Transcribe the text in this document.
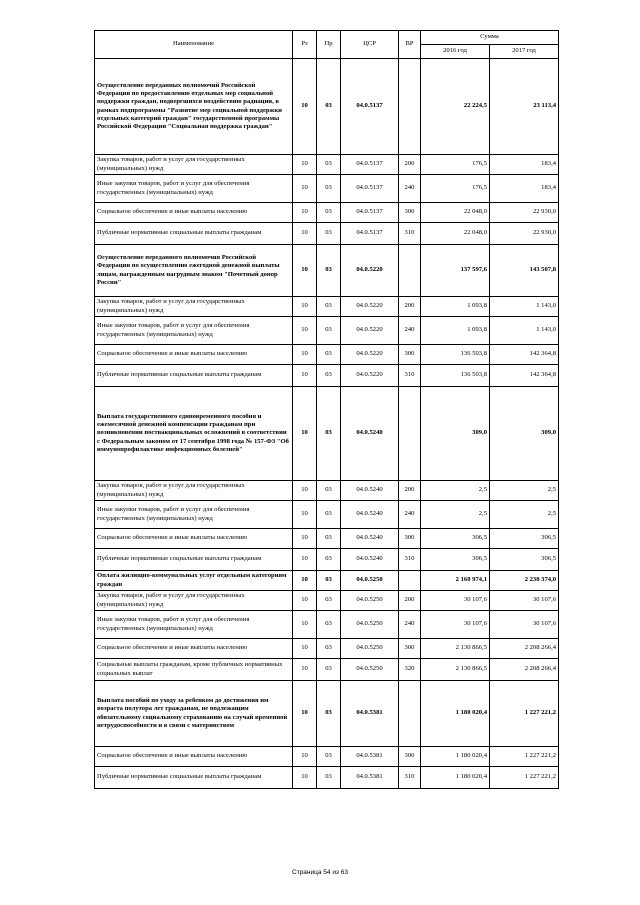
Наименование	Рз	Пр	ЦСР	ВР	Сумма	
					2016 год	2017 год
Осуществление переданных полномочий Российской Федерации по предоставлению отдельных мер социальной поддержки граждан, подвергшихся воздействию радиации, в рамках подпрограммы "Развитие мер социальной поддержки отдельных категорий граждан" государственной программы Российской Федерации "Социальная поддержка граждан"	10	03	04.0.5137		22 224,5	23 113,4
Закупка товаров, работ и услуг для государственных (муниципальных) нужд	10	03	04.0.5137	200	176,5	183,4
Иные закупки товаров, работ и услуг для обеспечения государственных (муниципальных) нужд	10	03	04.0.5137	240	176,5	183,4
Социальное обеспечение и иные выплаты населению	10	03	04.0.5137	300	22 048,0	22 930,0
Публичные нормативные социальные выплаты гражданам	10	03	04.0.5137	310	22 048,0	22 930,0
Осуществление переданного полномочия Российской Федерации по осуществлению ежегодной денежной выплаты лицам, награжденным нагрудным знаком "Почетный донор России"	10	03	04.0.5220		137 597,6	143 507,8
Закупка товаров, работ и услуг для государственных (муниципальных) нужд	10	03	04.0.5220	200	1 093,8	1 143,0
Иные закупки товаров, работ и услуг для обеспечения государственных (муниципальных) нужд	10	03	04.0.5220	240	1 093,8	1 143,0
Социальное обеспечение и иные выплаты населению	10	03	04.0.5220	300	136 503,8	142 364,8
Публичные нормативные социальные выплаты гражданам	10	03	04.0.5220	310	136 503,8	142 364,8
Выплата государственного единовременного пособия и ежемесячной денежной компенсации гражданам при возникновении поствакцинальных осложнений в соответствии с Федеральным законом от 17 сентября 1998 года № 157-ФЗ "Об иммунопрофилактике инфекционных болезней"	10	03	04.0.5240		309,0	309,0
Закупка товаров, работ и услуг для государственных (муниципальных) нужд	10	03	04.0.5240	200	2,5	2,5
Иные закупки товаров, работ и услуг для обеспечения государственных (муниципальных) нужд	10	03	04.0.5240	240	2,5	2,5
Социальное обеспечение и иные выплаты населению	10	03	04.0.5240	300	306,5	306,5
Публичные нормативные социальные выплаты гражданам	10	03	04.0.5240	310	306,5	306,5
Оплата жилищно-коммунальных услуг отдельным категориям граждан	10	03	04.0.5250		2 160 974,1	2 238 374,0
Закупка товаров, работ и услуг для государственных (муниципальных) нужд	10	03	04.0.5250	200	30 107,6	30 107,6
Иные закупки товаров, работ и услуг для обеспечения государственных (муниципальных) нужд	10	03	04.0.5250	240	30 107,6	30 107,6
Социальное обеспечение и иные выплаты населению	10	03	04.0.5250	300	2 130 866,5	2 208 266,4
Социальные выплаты гражданам, кроме публичных нормативных социальных выплат	10	03	04.0.5250	320	2 130 866,5	2 208 266,4
Выплата пособий по уходу за ребенком до достижения им возраста полутора лет гражданам, не подлежащим обязательному социальному страхованию на случай временной нетрудоспособности и в связи с материнством	10	03	04.0.5381		1 180 020,4	1 227 221,2
Социальное обеспечение и иные выплаты населению	10	03	04.0.5381	300	1 180 020,4	1 227 221,2
Публичные нормативные социальные выплаты гражданам	10	03	04.0.5381	310	1 180 020,4	1 227 221,2
Страница 54 из 63
